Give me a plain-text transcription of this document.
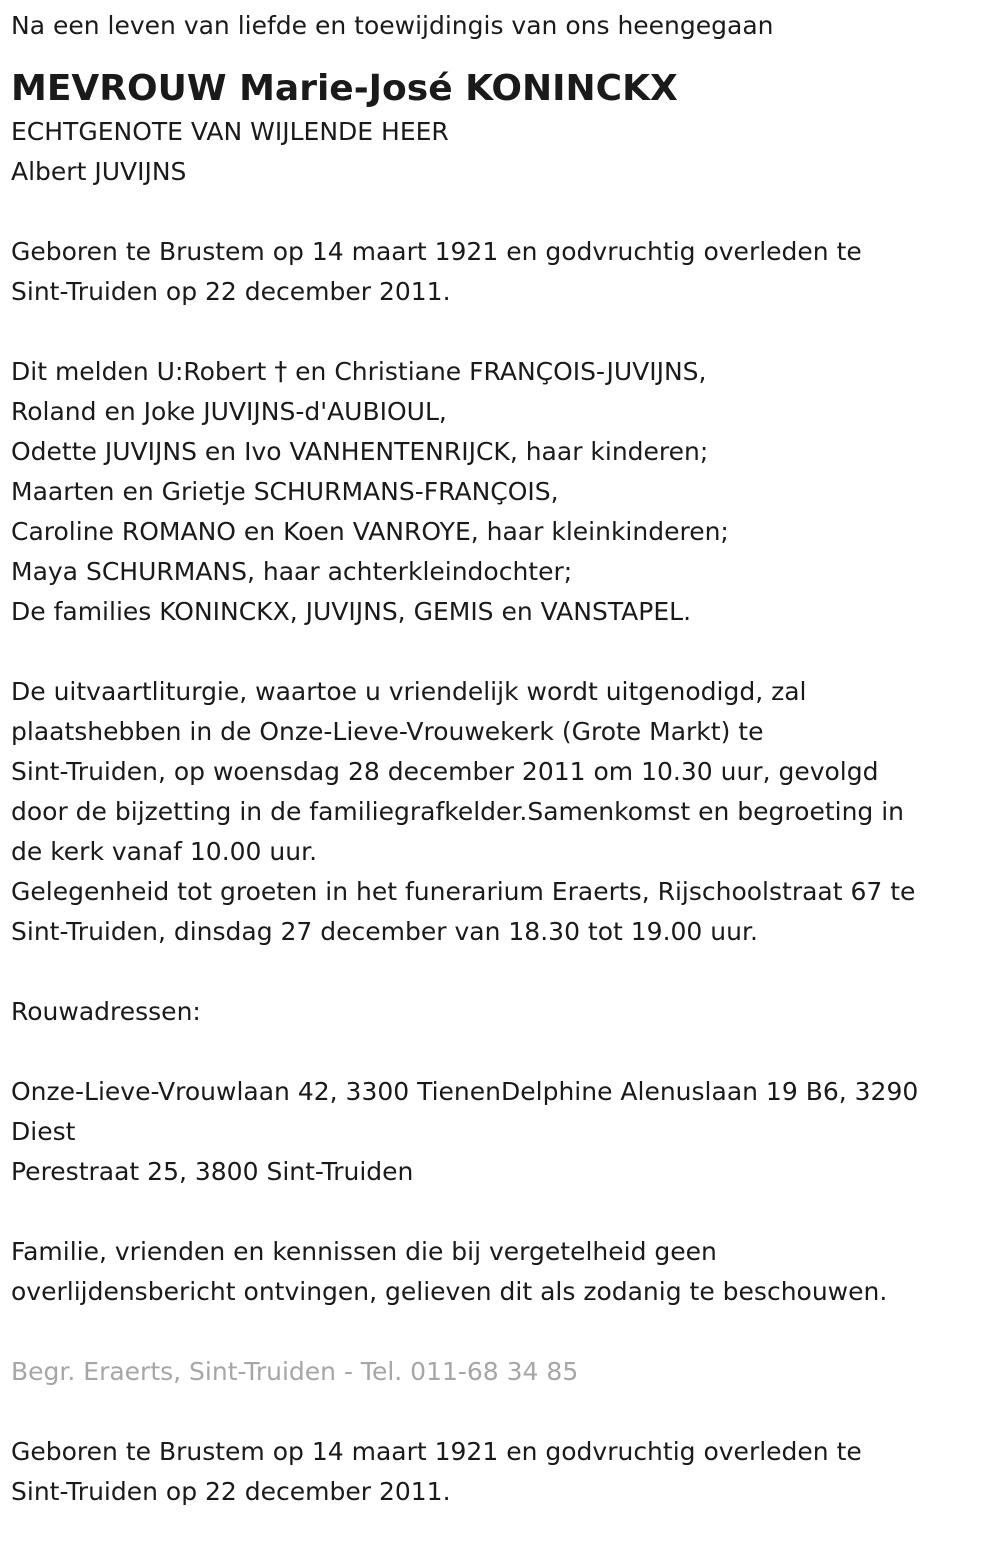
Na een leven van liefde en toewijdingis van ons heengegaan
MEVROUW Marie-José KONINCKX
ECHTGENOTE VAN WIJLENDE HEER
Albert JUVIJNS
Geboren te Brustem op 14 maart 1921 en godvruchtig overleden te
Sint-Truiden op 22 december 2011.
Dit melden U:Robert † en Christiane FRANÇOIS-JUVIJNS,
Roland en Joke JUVIJNS-d'AUBIOUL,
Odette JUVIJNS en Ivo VANHENTENRIJCK, haar kinderen;
Maarten en Grietje SCHURMANS-FRANÇOIS,
Caroline ROMANO en Koen VANROYE, haar kleinkinderen;
Maya SCHURMANS, haar achterkleindochter;
De families KONINCKX, JUVIJNS, GEMIS en VANSTAPEL.
De uitvaartliturgie, waartoe u vriendelijk wordt uitgenodigd, zal
plaatshebben in de Onze-Lieve-Vrouwekerk (Grote Markt) te
Sint-Truiden, op woensdag 28 december 2011 om 10.30 uur, gevolgd
door de bijzetting in de familiegrafkelder.Samenkomst en begroeting in
de kerk vanaf 10.00 uur.
Gelegenheid tot groeten in het funerarium Eraerts, Rijschoolstraat 67 te
Sint-Truiden, dinsdag 27 december van 18.30 tot 19.00 uur.
Rouwadressen:
Onze-Lieve-Vrouwlaan 42, 3300 TienenDelphine Alenuslaan 19 B6, 3290
Diest
Perestraat 25, 3800 Sint-Truiden
Familie, vrienden en kennissen die bij vergetelheid geen
overlijdensbericht ontvingen, gelieven dit als zodanig te beschouwen.
Begr. Eraerts, Sint-Truiden - Tel. 011-68 34 85
Geboren te Brustem op 14 maart 1921 en godvruchtig overleden te
Sint-Truiden op 22 december 2011.
